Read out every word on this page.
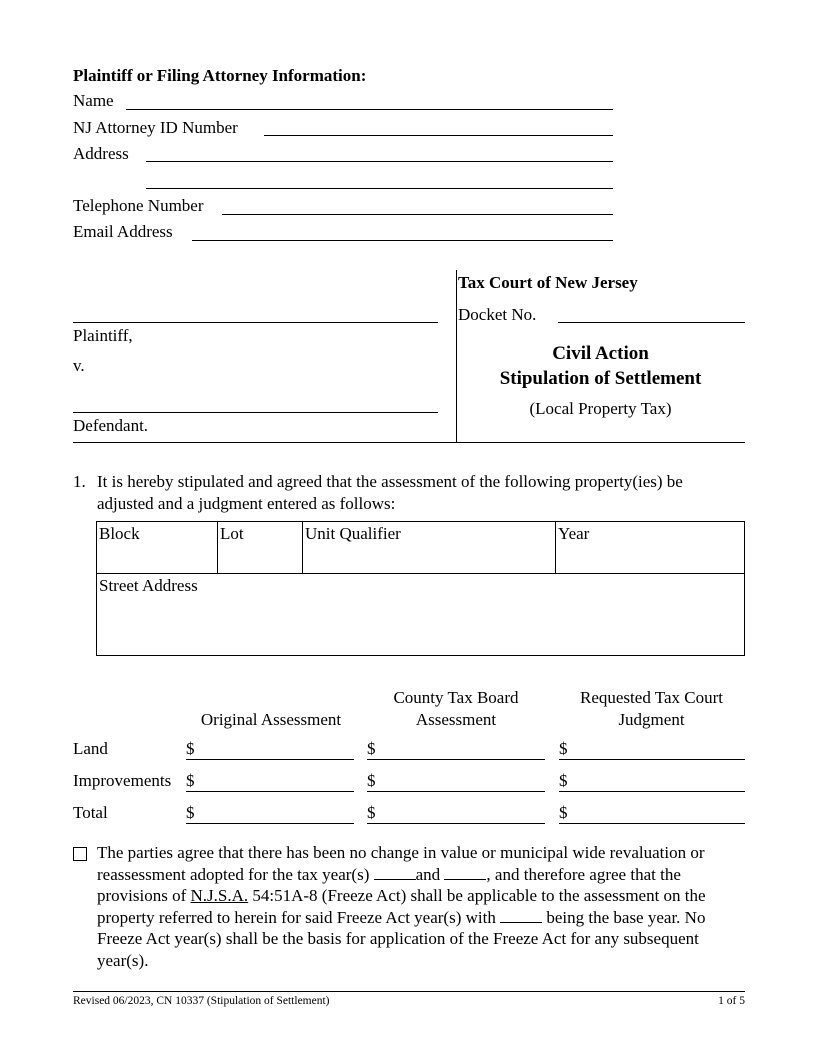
Plaintiff or Filing Attorney Information:
Name
NJ Attorney ID Number
Address
Telephone Number
Email Address
Plaintiff,
v.
Defendant.
Tax Court of New Jersey
Docket No.
Civil Action
Stipulation of Settlement
(Local Property Tax)
1. It is hereby stipulated and agreed that the assessment of the following property(ies) be
adjusted and a judgment entered as follows:
Block	Lot	Unit Qualifier	Year
Street Address
Original Assessment
County Tax Board
Assessment
Requested Tax Court
Judgment
Land	$	$	$
Improvements $	$	$
Total	$	$	$
The parties agree that there has been no change in value or municipal wide revaluation or reassessment adopted for the tax year(s) and , and therefore agree that the provisions of N.J.S.A. 54:51A-8 (Freeze Act) shall be applicable to the assessment on the property referred to herein for said Freeze Act year(s) with  being the base year. No Freeze Act year(s) shall be the basis for application of the Freeze Act for any subsequent year(s).
Revised 06/2023, CN 10337 (Stipulation of Settlement)	1 of 5
